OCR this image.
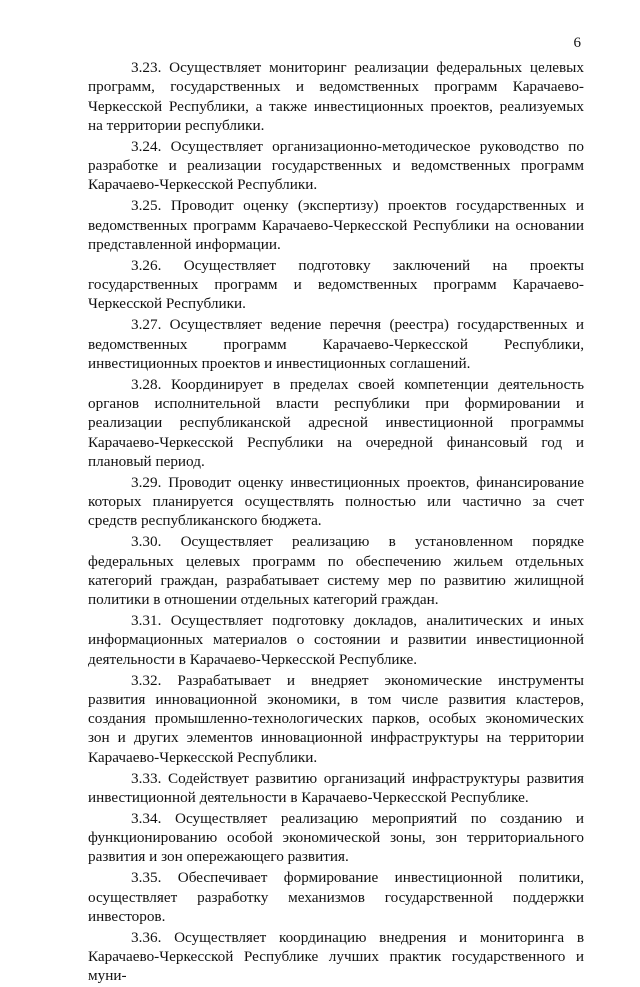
6

3.23. Осуществляет мониторинг реализации федеральных целевых программ, государственных и ведомственных программ Карачаево-Черкесской Республики, а также инвестиционных проектов, реализуемых на территории республики.

3.24. Осуществляет организационно-методическое руководство по разработке и реализации государственных и ведомственных программ Карачаево-Черкесской Республики.

3.25. Проводит оценку (экспертизу) проектов государственных и ведомственных программ Карачаево-Черкесской Республики на основании представленной информации.

3.26. Осуществляет подготовку заключений на проекты государственных программ и ведомственных программ Карачаево-Черкесской Республики.

3.27. Осуществляет ведение перечня (реестра) государственных и ведомственных программ Карачаево-Черкесской Республики, инвестиционных проектов и инвестиционных соглашений.

3.28. Координирует в пределах своей компетенции деятельность органов исполнительной власти республики при формировании и реализации республиканской адресной инвестиционной программы Карачаево-Черкесской Республики на очередной финансовый год и плановый период.

3.29. Проводит оценку инвестиционных проектов, финансирование которых планируется осуществлять полностью или частично за счет средств республиканского бюджета.

3.30. Осуществляет реализацию в установленном порядке федеральных целевых программ по обеспечению жильем отдельных категорий граждан, разрабатывает систему мер по развитию жилищной политики в отношении отдельных категорий граждан.

3.31. Осуществляет подготовку докладов, аналитических и иных информационных материалов о состоянии и развитии инвестиционной деятельности в Карачаево-Черкесской Республике.

3.32. Разрабатывает и внедряет экономические инструменты развития инновационной экономики, в том числе развития кластеров, создания промышленно-технологических парков, особых экономических зон и других элементов инновационной инфраструктуры на территории Карачаево-Черкесской Республики.

3.33. Содействует развитию организаций инфраструктуры развития инвестиционной деятельности в Карачаево-Черкесской Республике.

3.34. Осуществляет реализацию мероприятий по созданию и функционированию особой экономической зоны, зон территориального развития и зон опережающего развития.

3.35. Обеспечивает формирование инвестиционной политики, осуществляет разработку механизмов государственной поддержки инвесторов.

3.36. Осуществляет координацию внедрения и мониторинга в Карачаево-Черкесской Республике лучших практик государственного и муни-
